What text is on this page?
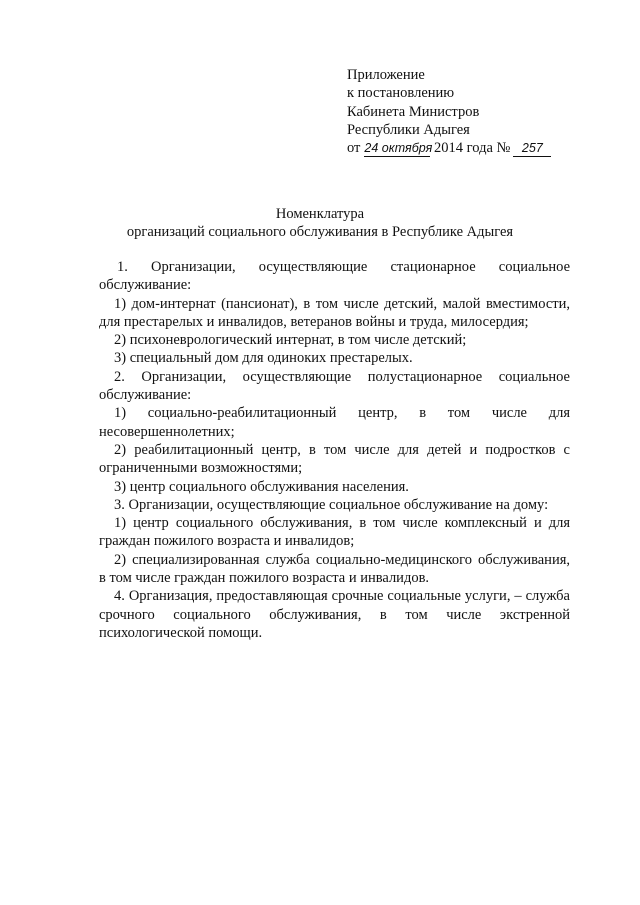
Приложение
к постановлению
Кабинета Министров
Республики Адыгея
от 24 октября 2014 года № 257
Номенклатура
организаций социального обслуживания в Республике Адыгея

1. Организации, осуществляющие стационарное социальное обслуживание:

1) дом-интернат (пансионат), в том числе детский, малой вместимости, для престарелых и инвалидов, ветеранов войны и труда, милосердия;

2) психоневрологический интернат, в том числе детский;

3) специальный дом для одиноких престарелых.

2. Организации, осуществляющие полустационарное социальное обслуживание:

1) социально-реабилитационный центр, в том числе для несовершеннолетних;

2) реабилитационный центр, в том числе для детей и подростков с ограниченными возможностями;

3) центр социального обслуживания населения.

3. Организации, осуществляющие социальное обслуживание на дому:

1) центр социального обслуживания, в том числе комплексный и для граждан пожилого возраста и инвалидов;

2) специализированная служба социально-медицинского обслуживания, в том числе граждан пожилого возраста и инвалидов.

4. Организация, предоставляющая срочные социальные услуги, – служба срочного социального обслуживания, в том числе экстренной психологической помощи.
